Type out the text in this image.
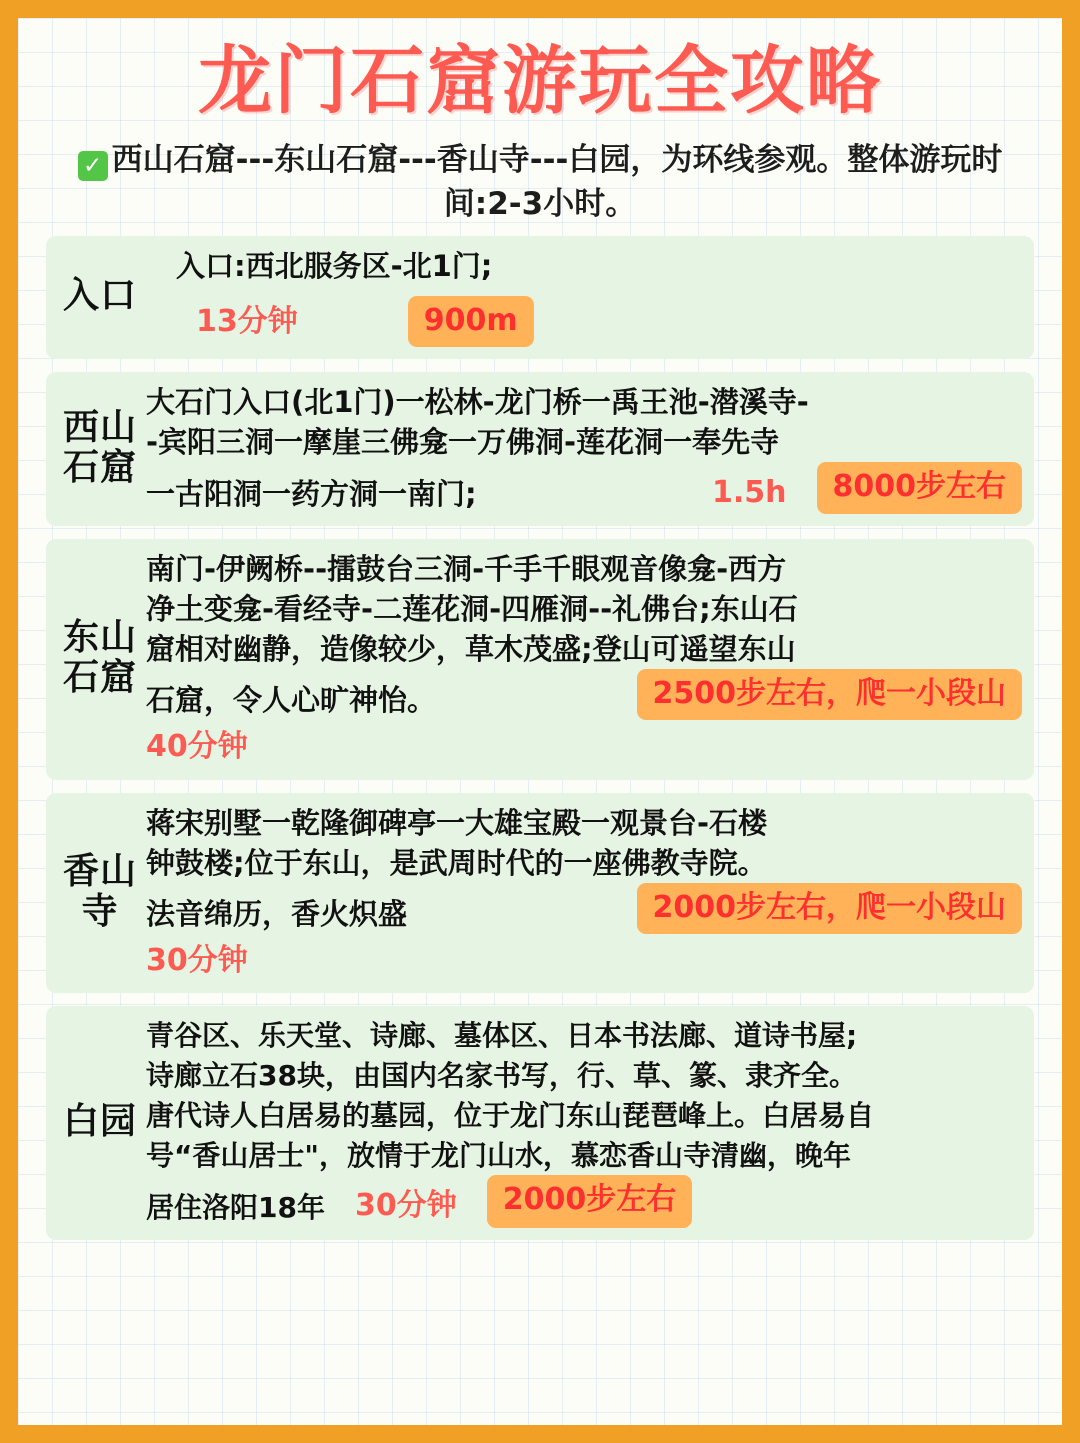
龙门石窟游玩全攻略
✓ 西山石窟---东山石窟---香山寺---白园，为环线参观。整体游玩时间:2-3小时。
入口

入口:西北服务区-北1门;

13分钟	900m
西山石窟

大石门入口(北1门)一松林-龙门桥一禹王池-潜溪寺-

-宾阳三洞一摩崖三佛龛一万佛洞-莲花洞一奉先寺

一古阳洞一药方洞一南门;	1.5h	8000步左右
东山石窟

南门-伊阙桥--擂鼓台三洞-千手千眼观音像龛-西方

净土变龛-看经寺-二莲花洞-四雁洞--礼佛台;东山石

窟相对幽静，造像较少，草木茂盛;登山可遥望东山

石窟，令人心旷神怡。	2500步左右，爬一小段山
40分钟
香山寺

蒋宋别墅一乾隆御碑亭一大雄宝殿一观景台-石楼

钟鼓楼;位于东山，是武周时代的一座佛教寺院。

法音绵历，香火炽盛	2000步左右，爬一小段山
30分钟
白园

青谷区、乐天堂、诗廊、墓体区、日本书法廊、道诗书屋;

诗廊立石38块，由国内名家书写，行、草、篆、隶齐全。

唐代诗人白居易的墓园，位于龙门东山琵琶峰上。白居易自

号“香山居士"，放情于龙门山水，慕恋香山寺清幽，晚年

居住洛阳18年 30分钟	2000步左右
